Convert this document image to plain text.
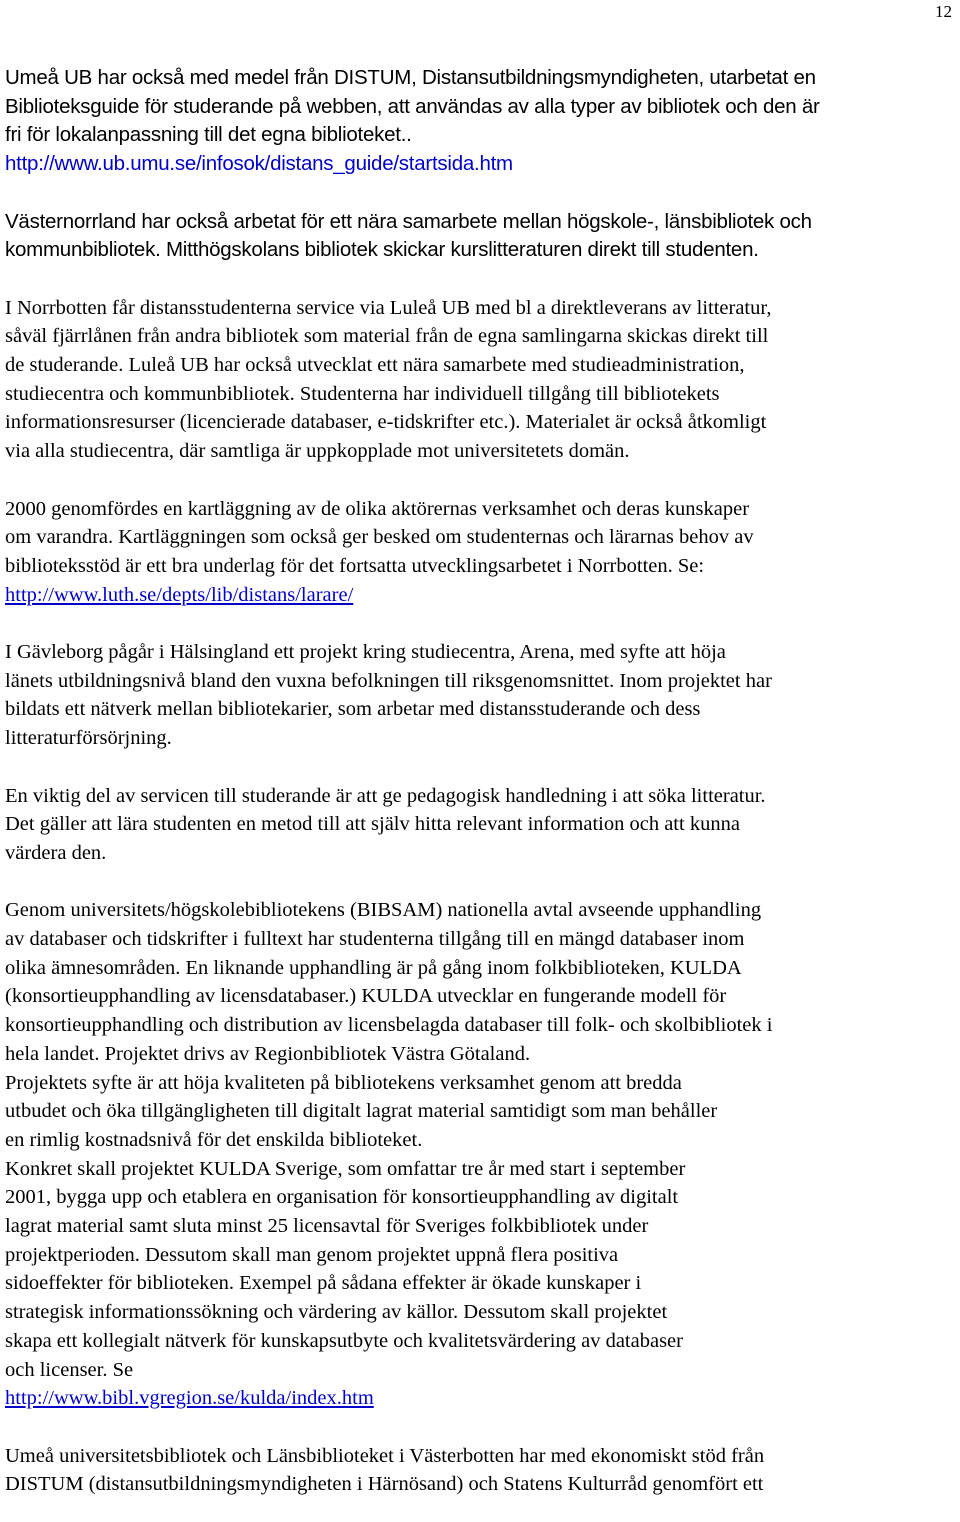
12
Umeå UB har också med medel från DISTUM, Distansutbildningsmyndigheten, utarbetat en
Biblioteksguide för studerande på webben, att användas av alla typer av bibliotek och den är
fri för lokalanpassning till det egna biblioteket..
http://www.ub.umu.se/infosok/distans_guide/startsida.htm
Västernorrland har också arbetat för ett nära samarbete mellan högskole-, länsbibliotek och
kommunbibliotek. Mitthögskolans bibliotek skickar kurslitteraturen direkt till studenten.
I Norrbotten får distansstudenterna service via Luleå UB med bl a direktleverans av litteratur,
såväl fjärrlånen från andra bibliotek som material från de egna samlingarna skickas direkt till
de studerande. Luleå UB har också utvecklat ett nära samarbete med studieadministration,
studiecentra och kommunbibliotek. Studenterna har individuell tillgång till bibliotekets
informationsresurser (licencierade databaser, e-tidskrifter etc.). Materialet är också åtkomligt
via alla studiecentra, där samtliga är uppkopplade mot universitetets domän.
2000 genomfördes en kartläggning av de olika aktörernas verksamhet och deras kunskaper
om varandra. Kartläggningen som också ger besked om studenternas och lärarnas behov av
biblioteksstöd är ett bra underlag för det fortsatta utvecklingsarbetet i Norrbotten. Se:
http://www.luth.se/depts/lib/distans/larare/
I Gävleborg pågår i Hälsingland ett projekt kring studiecentra, Arena, med syfte att höja
länets utbildningsnivå bland den vuxna befolkningen till riksgenomsnittet. Inom projektet har
bildats ett nätverk mellan bibliotekarier, som arbetar med distansstuderande och dess
litteraturförsörjning.
En viktig del av servicen till studerande är att ge pedagogisk handledning i att söka litteratur.
Det gäller att lära studenten en metod till att själv hitta relevant information och att kunna
värdera den.
Genom universitets/högskolebibliotekens (BIBSAM) nationella avtal avseende upphandling
av databaser och tidskrifter i fulltext har studenterna tillgång till en mängd databaser inom
olika ämnesområden. En liknande upphandling är på gång inom folkbiblioteken, KULDA
(konsortieupphandling av licensdatabaser.) KULDA utvecklar en fungerande modell för
konsortieupphandling och distribution av licensbelagda databaser till folk- och skolbibliotek i
hela landet. Projektet drivs av Regionbibliotek Västra Götaland.
Projektets syfte är att höja kvaliteten på bibliotekens verksamhet genom att bredda
utbudet och öka tillgängligheten till digitalt lagrat material samtidigt som man behåller
en rimlig kostnadsnivå för det enskilda biblioteket.
Konkret skall projektet KULDA Sverige, som omfattar tre år med start i september
2001, bygga upp och etablera en organisation för konsortieupphandling av digitalt
lagrat material samt sluta minst 25 licensavtal för Sveriges folkbibliotek under
projektperioden. Dessutom skall man genom projektet uppnå flera positiva
sidoeffekter för biblioteken. Exempel på sådana effekter är ökade kunskaper i
strategisk informationssökning och värdering av källor. Dessutom skall projektet
skapa ett kollegialt nätverk för kunskapsutbyte och kvalitetsvärdering av databaser
och licenser. Se
http://www.bibl.vgregion.se/kulda/index.htm
Umeå universitetsbibliotek och Länsbiblioteket i Västerbotten har med ekonomiskt stöd från
DISTUM (distansutbildningsmyndigheten i Härnösand) och Statens Kulturråd genomfört ett
